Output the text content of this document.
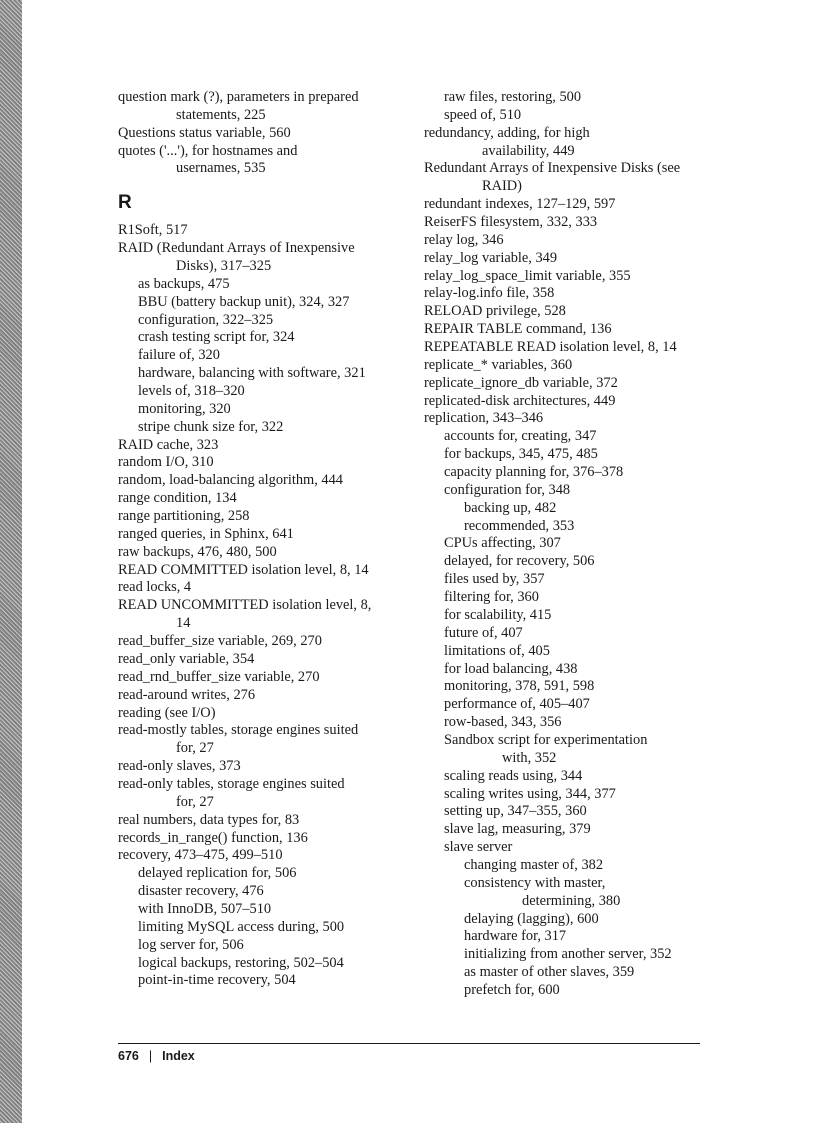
question mark (?), parameters in prepared
statements, 225
Questions status variable, 560
quotes ('...'), for hostnames and
usernames, 535
R
R1Soft, 517
RAID (Redundant Arrays of Inexpensive
Disks), 317–325
as backups, 475
BBU (battery backup unit), 324, 327
configuration, 322–325
crash testing script for, 324
failure of, 320
hardware, balancing with software, 321
levels of, 318–320
monitoring, 320
stripe chunk size for, 322
RAID cache, 323
random I/O, 310
random, load-balancing algorithm, 444
range condition, 134
range partitioning, 258
ranged queries, in Sphinx, 641
raw backups, 476, 480, 500
READ COMMITTED isolation level, 8, 14
read locks, 4
READ UNCOMMITTED isolation level, 8,
14
read_buffer_size variable, 269, 270
read_only variable, 354
read_rnd_buffer_size variable, 270
read-around writes, 276
reading (see I/O)
read-mostly tables, storage engines suited
for, 27
read-only slaves, 373
read-only tables, storage engines suited
for, 27
real numbers, data types for, 83
records_in_range() function, 136
recovery, 473–475, 499–510
delayed replication for, 506
disaster recovery, 476
with InnoDB, 507–510
limiting MySQL access during, 500
log server for, 506
logical backups, restoring, 502–504
point-in-time recovery, 504
raw files, restoring, 500
speed of, 510
redundancy, adding, for high
availability, 449
Redundant Arrays of Inexpensive Disks (see
RAID)
redundant indexes, 127–129, 597
ReiserFS filesystem, 332, 333
relay log, 346
relay_log variable, 349
relay_log_space_limit variable, 355
relay-log.info file, 358
RELOAD privilege, 528
REPAIR TABLE command, 136
REPEATABLE READ isolation level, 8, 14
replicate_* variables, 360
replicate_ignore_db variable, 372
replicated-disk architectures, 449
replication, 343–346
accounts for, creating, 347
for backups, 345, 475, 485
capacity planning for, 376–378
configuration for, 348
backing up, 482
recommended, 353
CPUs affecting, 307
delayed, for recovery, 506
files used by, 357
filtering for, 360
for scalability, 415
future of, 407
limitations of, 405
for load balancing, 438
monitoring, 378, 591, 598
performance of, 405–407
row-based, 343, 356
Sandbox script for experimentation
with, 352
scaling reads using, 344
scaling writes using, 344, 377
setting up, 347–355, 360
slave lag, measuring, 379
slave server
changing master of, 382
consistency with master,
determining, 380
delaying (lagging), 600
hardware for, 317
initializing from another server, 352
as master of other slaves, 359
prefetch for, 600
676 | Index
